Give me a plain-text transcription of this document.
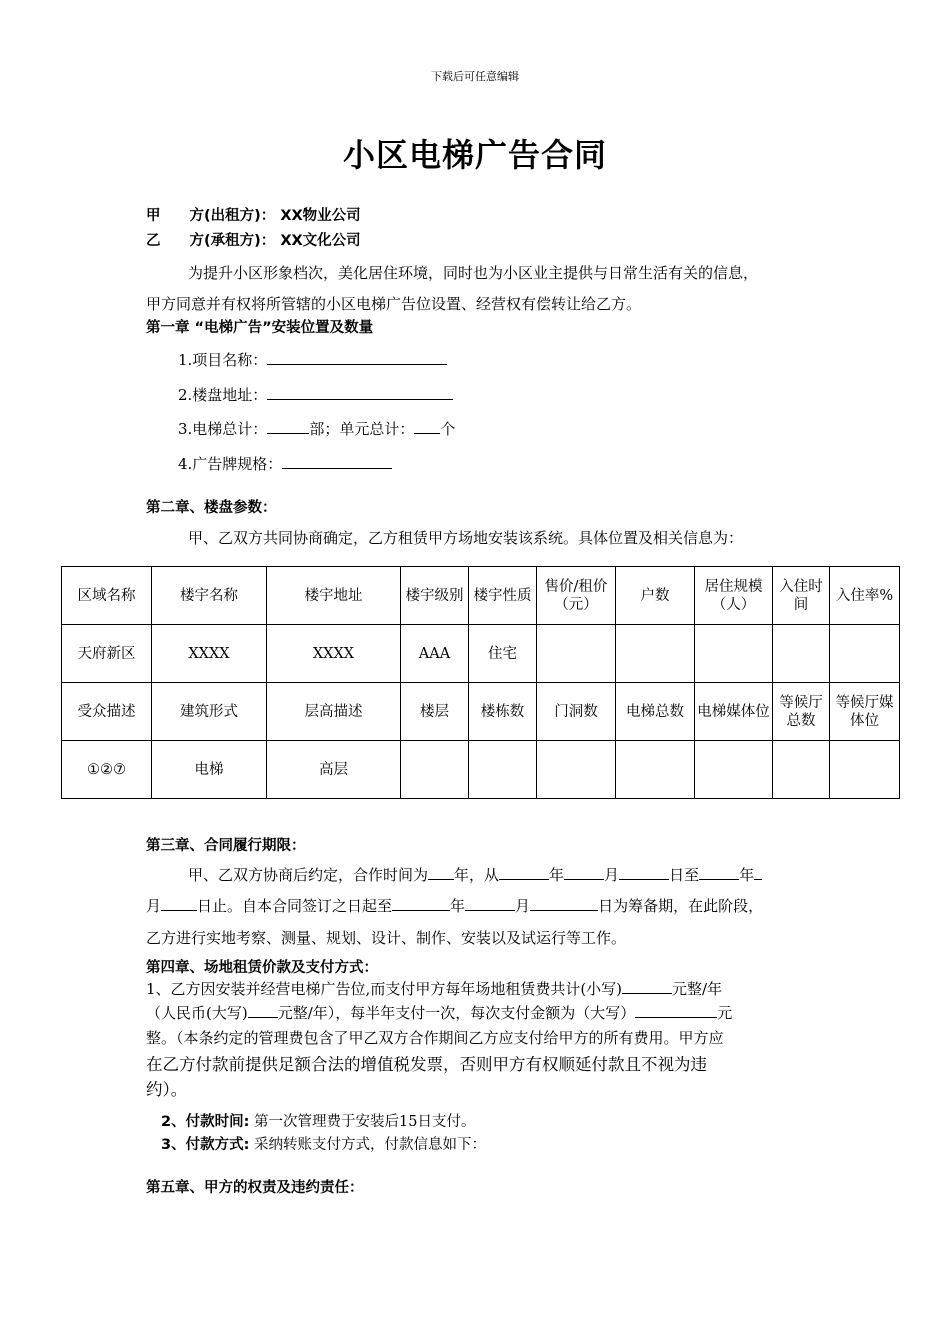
下载后可任意编辑
小区电梯广告合同
甲　　方(出租方)： XX物业公司
乙　　方(承租方)： XX文化公司
为提升小区形象档次，美化居住环境，同时也为小区业主提供与日常生活有关的信息，
甲方同意并有权将所管辖的小区电梯广告位设置、经营权有偿转让给乙方。
第一章 “电梯广告”安装位置及数量
1.项目名称：
2.楼盘地址：
3.电梯总计：	部；单元总计： 个
4.广告牌规格：
第二章、楼盘参数：
甲、乙双方共同协商确定，乙方租赁甲方场地安装该系统。具体位置及相关信息为：
区域名称	楼宇名称	楼宇地址	楼宇级别	楼宇性质	售价/租价（元）	户数	居住规模（人）	入住时间	入住率%
天府新区	XXXX	XXXX	AAA	住宅					
受众描述	建筑形式	层高描述	楼层	楼栋数	门洞数	电梯总数	电梯媒体位	等候厅总数	等候厅媒体位
①②⑦	电梯	高层							
第三章、合同履行期限：
甲、乙双方协商后约定，合作时间为 年，从	年	月	日至	年
月 日止。自本合同签订之日起至	年	月	日为筹备期，在此阶段，
乙方进行实地考察、测量、规划、设计、制作、安装以及试运行等工作。
第四章、场地租赁价款及支付方式：
1、乙方因安装并经营电梯广告位,而支付甲方每年场地租赁费共计(小写)	元整/年
（人民币(大写) 元整/年），每半年支付一次，每次支付金额为（大写）	元
整。（本条约定的管理费包含了甲乙双方合作期间乙方应支付给甲方的所有费用。甲方应
在乙方付款前提供足额合法的增值税发票，否则甲方有权顺延付款且不视为违
约）。
2、付款时间: 第一次管理费于安装后15日支付。
3、付款方式: 采纳转账支付方式，付款信息如下：
第五章、甲方的权责及违约责任：
